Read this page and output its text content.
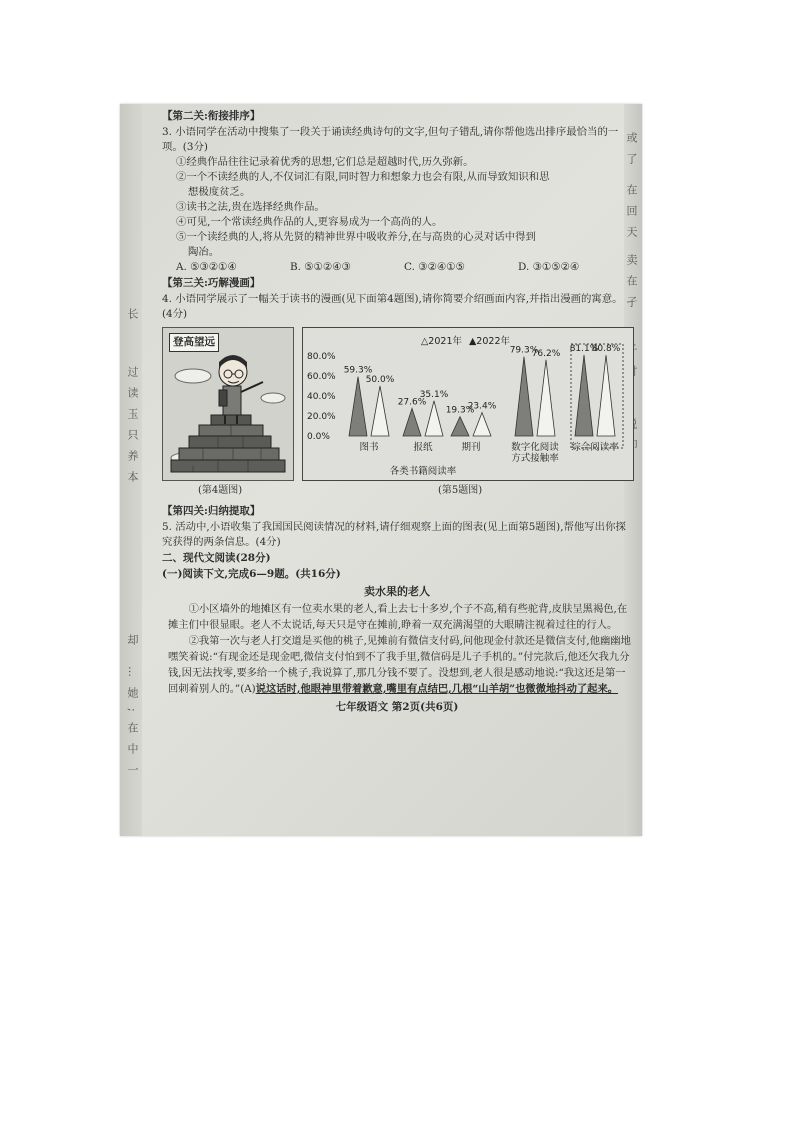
长
过读玉只养本
却
…她;在中一
或了
在回天
卖在孑
【第二关:衔接排序】
3. 小语同学在活动中搜集了一段关于诵读经典诗句的文字,但句子错乱,请你帮他选出排序最恰当的一项。(3分)
①经典作品往往记录着优秀的思想,它们总是超越时代,历久弥新。
②一个不读经典的人,不仅词汇有限,同时智力和想象力也会有限,从而导致知识和思
想极度贫乏。
③读书之法,贵在选择经典作品。
④可见,一个常读经典作品的人,更容易成为一个高尚的人。
⑤一个读经典的人,将从先贤的精神世界中吸收养分,在与高贵的心灵对话中得到
陶冶。
A. ⑤③②①④	B. ⑤①②④③	C. ③②④①⑤	D. ③①⑤②④
【第三关:巧解漫画】
4. 小语同学展示了一幅关于读书的漫画(见下面第4题图),请你简要介绍画面内容,并指出漫画的寓意。(4分)
登高望远
80.0%
60.0%
40.0%
20.0%
0.0%
△2021年 ▲2022年
59.3%
50.0%
图书
27.6%
35.1%
报纸
19.3%
23.4%
期刊
79.3%
76.2%
数字化阅读
方式接触率
81.1%
80.8%
综合阅读率
各类书籍阅读率
(第4题图)	(第5题图)
【第四关:归纳提取】
5. 活动中,小语收集了我国国民阅读情况的材料,请仔细观察上面的图表(见上面第5题图),帮他写出你探究获得的两条信息。(4分)
二、现代文阅读(28分)
(一)阅读下文,完成6—9题。(共16分)
卖水果的老人
①小区墙外的地摊区有一位卖水果的老人,看上去七十多岁,个子不高,稍有些驼背,皮肤呈黑褐色,在摊主们中很显眼。老人不太说话,每天只是守在摊前,睁着一双充满渴望的大眼睛注视着过往的行人。
②我第一次与老人打交道是买他的桃子,见摊前有微信支付码,问他现金付款还是微信支付,他幽幽地嘿笑着说:“有现金还是现金吧,微信支付怕到不了我手里,微信码是儿子手机的。”付完款后,他还欠我九分钱,因无法找零,要多给一个桃子,我说算了,那几分钱不要了。没想到,老人很是感动地说:“我这还是第一回刺着别人的。”(A)说这话时,他眼神里带着歉意,嘴里有点结巴,几根“山羊胡”也微微地抖动了起来。
七年级语文 第2页(共6页)
